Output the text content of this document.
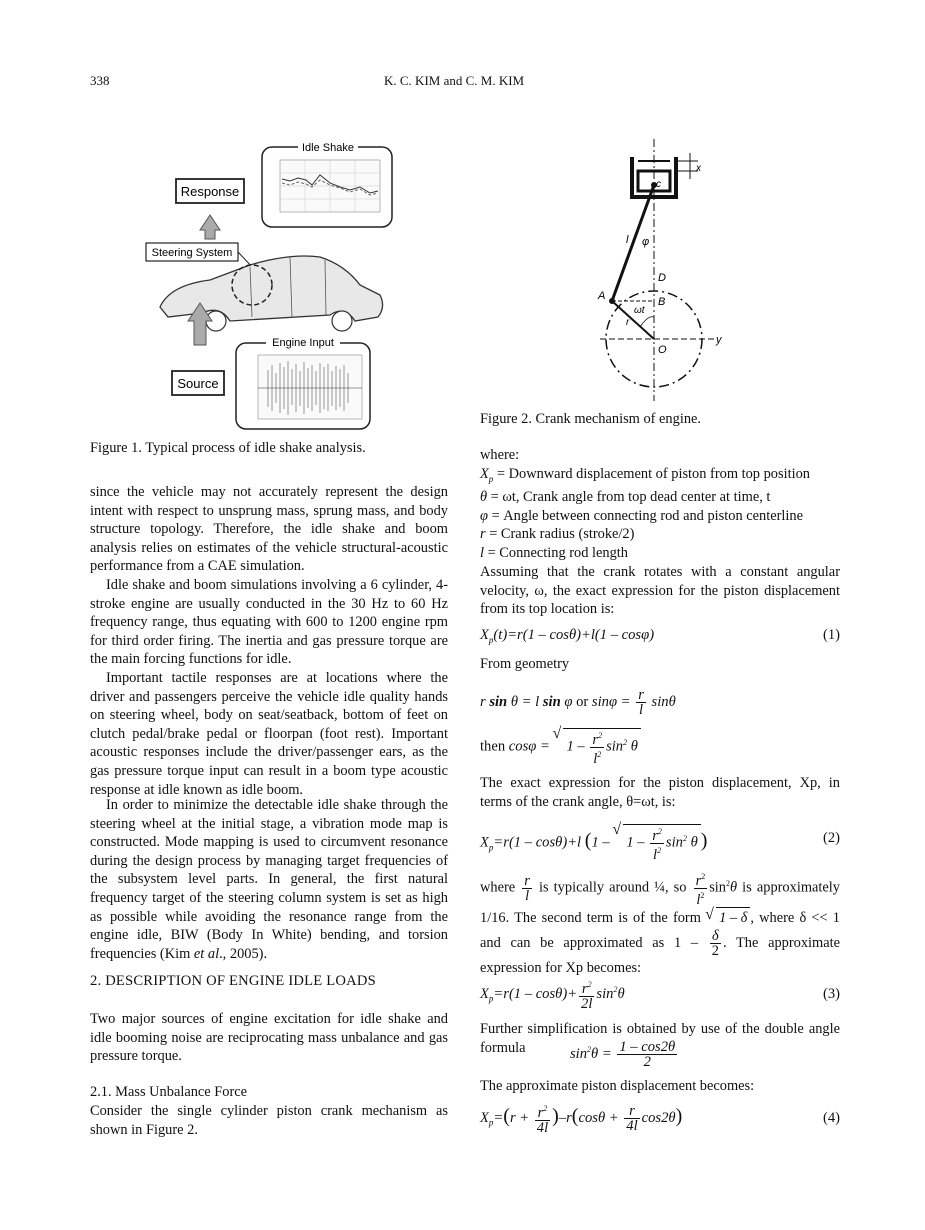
338	K. C. KIM and C. M. KIM
Idle Shake
Response
Steering System
Engine Input
Source
Figure 1. Typical process of idle shake analysis.
since the vehicle may not accurately represent the design intent with respect to unsprung mass, sprung mass, and body structure topology. Therefore, the idle shake and boom analysis relies on estimates of the vehicle structural-acoustic performance from a CAE simulation.
Idle shake and boom simulations involving a 6 cylinder, 4-stroke engine are usually conducted in the 30 Hz to 60 Hz frequency range, thus equating with 600 to 1200 engine rpm for third order firing. The inertia and gas pressure torque are the main forcing functions for idle.
Important tactile responses are at locations where the driver and passengers perceive the vehicle idle quality hands on steering wheel, body on seat/seatback, bottom of feet on clutch pedal/brake pedal or floorpan (foot rest). Important acoustic responses include the driver/passenger ears, as the gas pressure torque input can result in a boom type acoustic response at idle known as idle boom.
In order to minimize the detectable idle shake through the steering wheel at the initial stage, a vibration mode map is constructed. Mode mapping is used to circumvent resonance during the design process by managing target frequencies of the subsystem level parts. In general, the first natural frequency target of the steering column system is set as high as possible while avoiding the resonance range from the engine idle, BIW (Body In White) bending, and torsion frequencies (Kim et al., 2005).
2. DESCRIPTION OF ENGINE IDLE LOADS
Two major sources of engine excitation for idle shake and idle booming noise are reciprocating mass unbalance and gas pressure torque.
2.1. Mass Unbalance Force
Consider the single cylinder piston crank mechanism as shown in Figure 2.
x
c
l φ
y
A
D
B
r
ωt
O
Figure 2. Crank mechanism of engine.
where:
$X_p$ = Downward displacement of piston from top position
θ = ωt, Crank angle from top dead center at time, t
φ = Angle between connecting rod and piston centerline
r = Crank radius (stroke/2)
l = Connecting rod length
Assuming that the crank rotates with a constant angular velocity, ω, the exact expression for the piston displacement from its top location is:
$X_p(t)=r(1 - \cos\theta)+l(1 - \cos\varphi)$	(1)
From geometry
r sin θ = l sin φ or $\sin\varphi = \frac{r}{l}$ sinθ
then cosφ = √ $1 - \frac{r^2}{l^2} \sin^2 \theta$
The exact expression for the piston displacement, Xp, in terms of the crank angle, θ=ωt, is:
$X_p=r(1 - \cos\theta)+l$ (1 – √ $1 - \frac{r^2}{l^2} \sin^2 \theta$ )	(2)
where $\frac{r}{l}$ is typically around ¼, so $\frac{r^2}{l^2} \sin^2\theta$ is approximately 1/16. The second term is of the form √ 1 – δ , where δ << 1 and can be approximated as $1 - \frac{\delta}{2}$ . The approximate expression for Xp becomes:
$X_p=r(1 - \cos\theta)+ \frac{r^2}{2l} \sin^2\theta$	(3)
Further simplification is obtained by use of the double angle formula	$\sin^2\theta = \frac{1 - \cos 2\theta}{2}$
The approximate piston displacement becomes:
$X_p=(r + \frac{r^2}{4l} )-r(\cos\theta + \frac{r}{4l} \cos 2\theta)$	(4)
